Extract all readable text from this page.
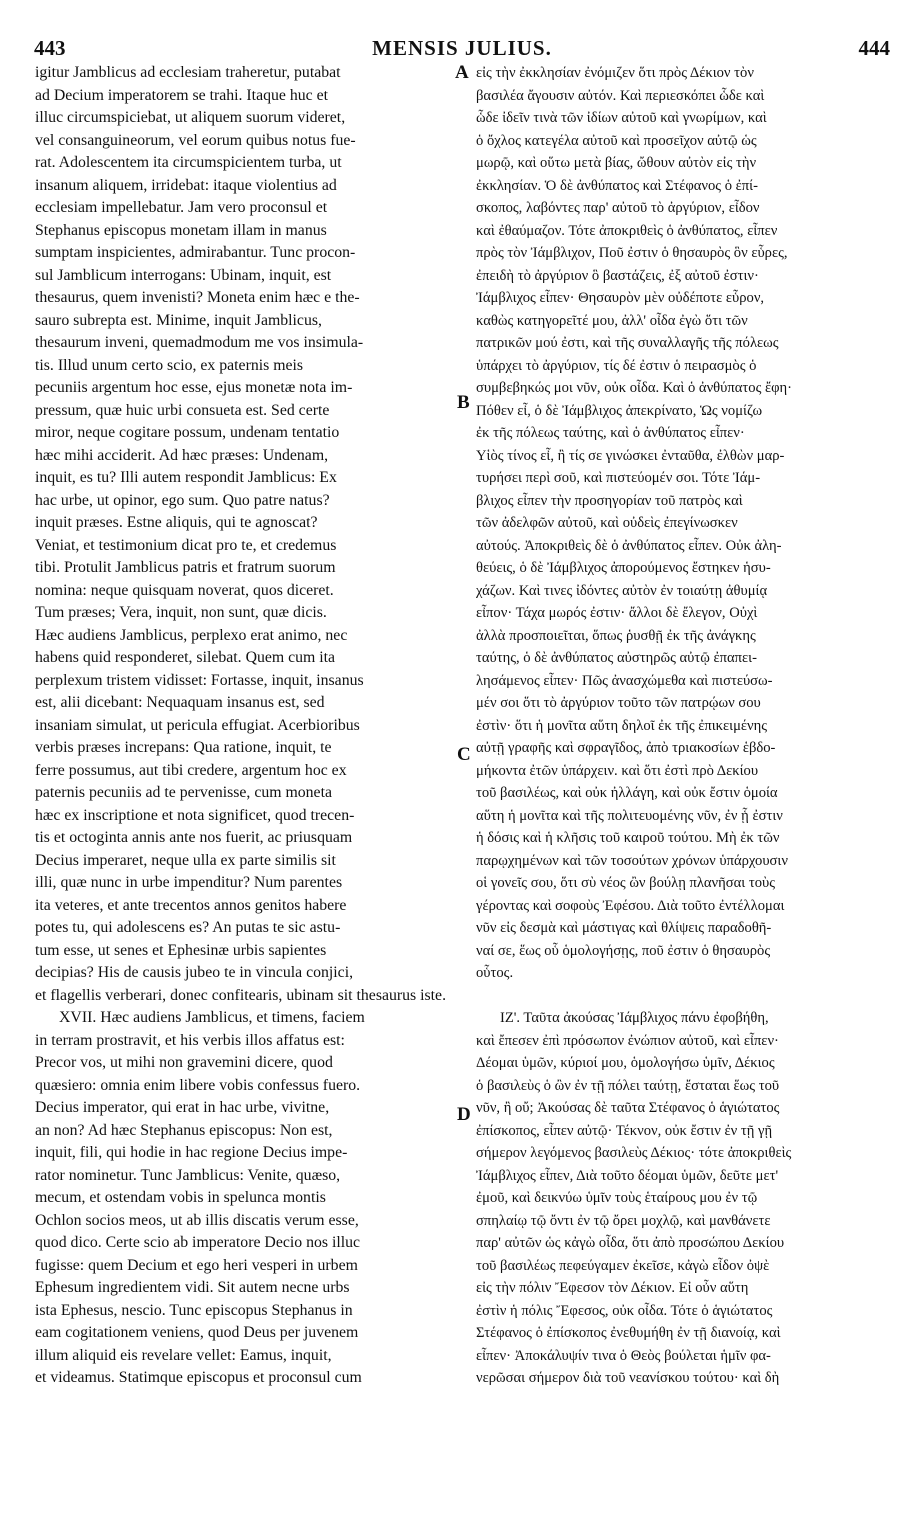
443	MENSIS JULIUS.	444
igitur Jamblicus ad ecclesiam traheretur, putabat
ad Decium imperatorem se trahi. Itaque huc et
illuc circumspiciebat, ut aliquem suorum videret,
vel consanguineorum, vel eorum quibus notus fue-
rat. Adolescentem ita circumspicientem turba, ut
insanum aliquem, irridebat: itaque violentius ad
ecclesiam impellebatur. Jam vero proconsul et
Stephanus episcopus monetam illam in manus
sumptam inspicientes, admirabantur. Tunc procon-
sul Jamblicum interrogans: Ubinam, inquit, est
thesaurus, quem invenisti? Moneta enim hæc e the-
sauro subrepta est. Minime, inquit Jamblicus,
thesaurum inveni, quemadmodum me vos insimula-
tis. Illud unum certo scio, ex paternis meis
pecuniis argentum hoc esse, ejus monetæ nota im-
pressum, quæ huic urbi consueta est. Sed certe
miror, neque cogitare possum, undenam tentatio
hæc mihi acciderit. Ad hæc præses: Undenam,
inquit, es tu? Illi autem respondit Jamblicus: Ex
hac urbe, ut opinor, ego sum. Quo patre natus?
inquit præses. Estne aliquis, qui te agnoscat?
Veniat, et testimonium dicat pro te, et credemus
tibi. Protulit Jamblicus patris et fratrum suorum
nomina: neque quisquam noverat, quos diceret.
Tum præses; Vera, inquit, non sunt, quæ dicis.
Hæc audiens Jamblicus, perplexo erat animo, nec
habens quid responderet, silebat. Quem cum ita
perplexum tristem vidisset: Fortasse, inquit, insanus
est, alii dicebant: Nequaquam insanus est, sed
insaniam simulat, ut pericula effugiat. Acerbioribus
verbis præses increpans: Qua ratione, inquit, te
ferre possumus, aut tibi credere, argentum hoc ex
paternis pecuniis ad te pervenisse, cum moneta
hæc ex inscriptione et nota significet, quod trecen-
tis et octoginta annis ante nos fuerit, ac priusquam
Decius imperaret, neque ulla ex parte similis sit
illi, quæ nunc in urbe impenditur? Num parentes
ita veteres, et ante trecentos annos genitos habere
potes tu, qui adolescens es? An putas te sic astu-
tum esse, ut senes et Ephesinæ urbis sapientes
decipias? His de causis jubeo te in vincula conjici,
et flagellis verberari, donec confitearis, ubinam sit thesaurus iste.
XVII. Hæc audiens Jamblicus, et timens, faciem
in terram prostravit, et his verbis illos affatus est:
Precor vos, ut mihi non gravemini dicere, quod
quæsiero: omnia enim libere vobis confessus fuero.
Decius imperator, qui erat in hac urbe, vivitne,
an non? Ad hæc Stephanus episcopus: Non est,
inquit, fili, qui hodie in hac regione Decius impe-
rator nominetur. Tunc Jamblicus: Venite, quæso,
mecum, et ostendam vobis in spelunca montis
Ochlon socios meos, ut ab illis discatis verum esse,
quod dico. Certe scio ab imperatore Decio nos illuc
fugisse: quem Decium et ego heri vesperi in urbem
Ephesum ingredientem vidi. Sit autem necne urbs
ista Ephesus, nescio. Tunc episcopus Stephanus in
eam cogitationem veniens, quod Deus per juvenem
illum aliquid eis revelare vellet: Eamus, inquit,
et videamus. Statimque episcopus et proconsul cum
εἰς τὴν ἐκκλησίαν ἐνόμιζεν ὅτι πρὸς Δέκιον τὸν
βασιλέα ἄγουσιν αὐτόν. Καὶ περιεσκόπει ὧδε καὶ
ὧδε ἰδεῖν τινὰ τῶν ἰδίων αὐτοῦ καὶ γνωρίμων, καὶ
ὁ ὄχλος κατεγέλα αὐτοῦ καὶ προσεῖχον αὐτῷ ὡς
μωρῷ, καὶ οὕτω μετὰ βίας, ὤθουν αὐτὸν εἰς τὴν
ἐκκλησίαν. Ὁ δὲ ἀνθύπατος καὶ Στέφανος ὁ ἐπί-
σκοπος, λαβόντες παρ' αὐτοῦ τὸ ἀργύριον, εἶδον
καὶ ἐθαύμαζον. Τότε ἀποκριθεὶς ὁ ἀνθύπατος, εἶπεν
πρὸς τὸν Ἰάμβλιχον, Ποῦ ἐστιν ὁ θησαυρὸς ὃν εὗρες,
ἐπειδὴ τὸ ἀργύριον ὃ βαστάζεις, ἐξ αὐτοῦ ἐστιν·
Ἰάμβλιχος εἶπεν· Θησαυρὸν μὲν οὐδέποτε εὗρον,
καθὼς κατηγορεῖτέ μου, ἀλλ' οἶδα ἐγὼ ὅτι τῶν
πατρικῶν μού ἐστι, καὶ τῆς συναλλαγῆς τῆς πόλεως
ὑπάρχει τὸ ἀργύριον, τίς δέ ἐστιν ὁ πειρασμὸς ὁ
συμβεβηκώς μοι νῦν, οὐκ οἶδα. Καὶ ὁ ἀνθύπατος ἔφη·
Πόθεν εἶ, ὁ δὲ Ἰάμβλιχος ἀπεκρίνατο, Ὡς νομίζω
ἐκ τῆς πόλεως ταύτης, καὶ ὁ ἀνθύπατος εἶπεν·
Υἱὸς τίνος εἶ, ἢ τίς σε γινώσκει ἐνταῦθα, ἐλθὼν μαρ-
τυρήσει περὶ σοῦ, καὶ πιστεύομέν σοι. Τότε Ἰάμ-
βλιχος εἶπεν τὴν προσηγορίαν τοῦ πατρὸς καὶ
τῶν ἀδελφῶν αὐτοῦ, καὶ οὐδεὶς ἐπεγίνωσκεν
αὐτούς. Ἀποκριθεὶς δὲ ὁ ἀνθύπατος εἶπεν. Οὐκ ἀλη-
θεύεις, ὁ δὲ Ἰάμβλιχος ἀπορούμενος ἔστηκεν ἡσυ-
χάζων. Καὶ τινες ἰδόντες αὐτὸν ἐν τοιαύτῃ ἀθυμίᾳ
εἶπον· Τάχα μωρός ἐστιν· ἄλλοι δὲ ἔλεγον, Οὐχὶ
ἀλλὰ προσποιεῖται, ὅπως ῥυσθῇ ἐκ τῆς ἀνάγκης
ταύτης, ὁ δὲ ἀνθύπατος αὐστηρῶς αὐτῷ ἐπαπει-
λησάμενος εἶπεν· Πῶς ἀνασχώμεθα καὶ πιστεύσω-
μέν σοι ὅτι τὸ ἀργύριον τοῦτο τῶν πατρῴων σου
ἐστὶν· ὅτι ἡ μονῖτα αὕτη δηλοῖ ἐκ τῆς ἐπικειμένης
αὐτῇ γραφῆς καὶ σφραγῖδος, ἀπὸ τριακοσίων ἑβδο-
μήκοντα ἐτῶν ὑπάρχειν. καὶ ὅτι ἐστὶ πρὸ Δεκίου
τοῦ βασιλέως, καὶ οὐκ ἠλλάγη, καὶ οὐκ ἔστιν ὁμοία
αὕτη ἡ μονῖτα καὶ τῆς πολιτευομένης νῦν, ἐν ᾗ ἐστιν
ἡ δόσις καὶ ἡ κλῆσις τοῦ καιροῦ τούτου. Μὴ ἐκ τῶν
παρῳχημένων καὶ τῶν τοσούτων χρόνων ὑπάρχουσιν
οἱ γονεῖς σου, ὅτι σὺ νέος ὢν βούλῃ πλανῆσαι τοὺς
γέροντας καὶ σοφοὺς Ἐφέσου. Διὰ τοῦτο ἐντέλλομαι
νῦν εἰς δεσμὰ καὶ μάστιγας καὶ θλίψεις παραδοθῆ-
ναί σε, ἕως οὗ ὁμολογήσῃς, ποῦ ἐστιν ὁ θησαυρὸς
οὗτος.
ΙΖ'. Ταῦτα ἀκούσας Ἰάμβλιχος πάνυ ἐφοβήθη,
καὶ ἔπεσεν ἐπὶ πρόσωπον ἐνώπιον αὐτοῦ, καὶ εἶπεν·
Δέομαι ὑμῶν, κύριοί μου, ὁμολογήσω ὑμῖν, Δέκιος
ὁ βασιλεὺς ὁ ὢν ἐν τῇ πόλει ταύτῃ, ἔσταται ἕως τοῦ
νῦν, ἢ οὔ; Ἀκούσας δὲ ταῦτα Στέφανος ὁ ἁγιώτατος
ἐπίσκοπος, εἶπεν αὐτῷ· Τέκνον, οὐκ ἔστιν ἐν τῇ γῇ
σήμερον λεγόμενος βασιλεὺς Δέκιος· τότε ἀποκριθεὶς
Ἰάμβλιχος εἶπεν, Διὰ τοῦτο δέομαι ὑμῶν, δεῦτε μετ'
ἐμοῦ, καὶ δεικνύω ὑμῖν τοὺς ἑταίρους μου ἐν τῷ
σπηλαίῳ τῷ ὄντι ἐν τῷ ὄρει μοχλῷ, καὶ μανθάνετε
παρ' αὐτῶν ὡς κἀγὼ οἶδα, ὅτι ἀπὸ προσώπου Δεκίου
τοῦ βασιλέως πεφεύγαμεν ἐκεῖσε, κἀγὼ εἶδον ὀψὲ
εἰς τὴν πόλιν Ἔφεσον τὸν Δέκιον. Εἰ οὖν αὕτη
ἐστὶν ἡ πόλις Ἔφεσος, οὐκ οἶδα. Τότε ὁ ἁγιώτατος
Στέφανος ὁ ἐπίσκοπος ἐνεθυμήθη ἐν τῇ διανοίᾳ, καὶ
εἶπεν· Ἀποκάλυψίν τινα ὁ Θεὸς βούλεται ἡμῖν φα-
νερῶσαι σήμερον διὰ τοῦ νεανίσκου τούτου· καὶ δὴ
A
B
C
D
